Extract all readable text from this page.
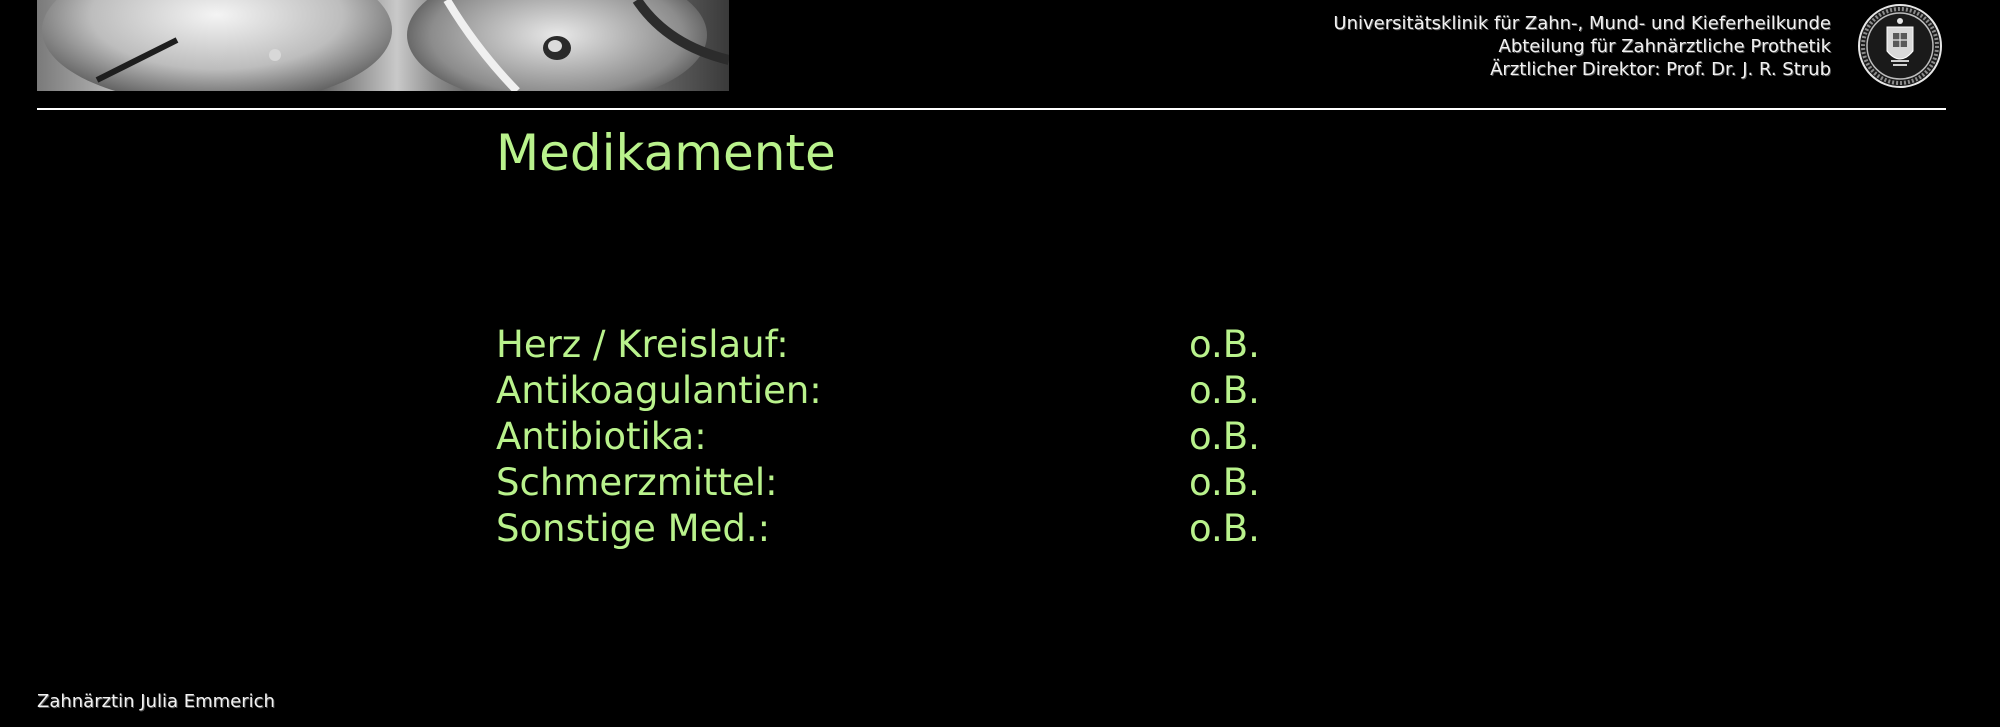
Universitätsklinik für Zahn-, Mund- und Kieferheilkunde
Abteilung für Zahnärztliche Prothetik
Ärztlicher Direktor: Prof. Dr. J. R. Strub
Medikamente
Herz / Kreislauf:	o.B.
Antikoagulantien:	o.B.
Antibiotika:	o.B.
Schmerzmittel:	o.B.
Sonstige Med.:	o.B.
Zahnärztin Julia Emmerich
